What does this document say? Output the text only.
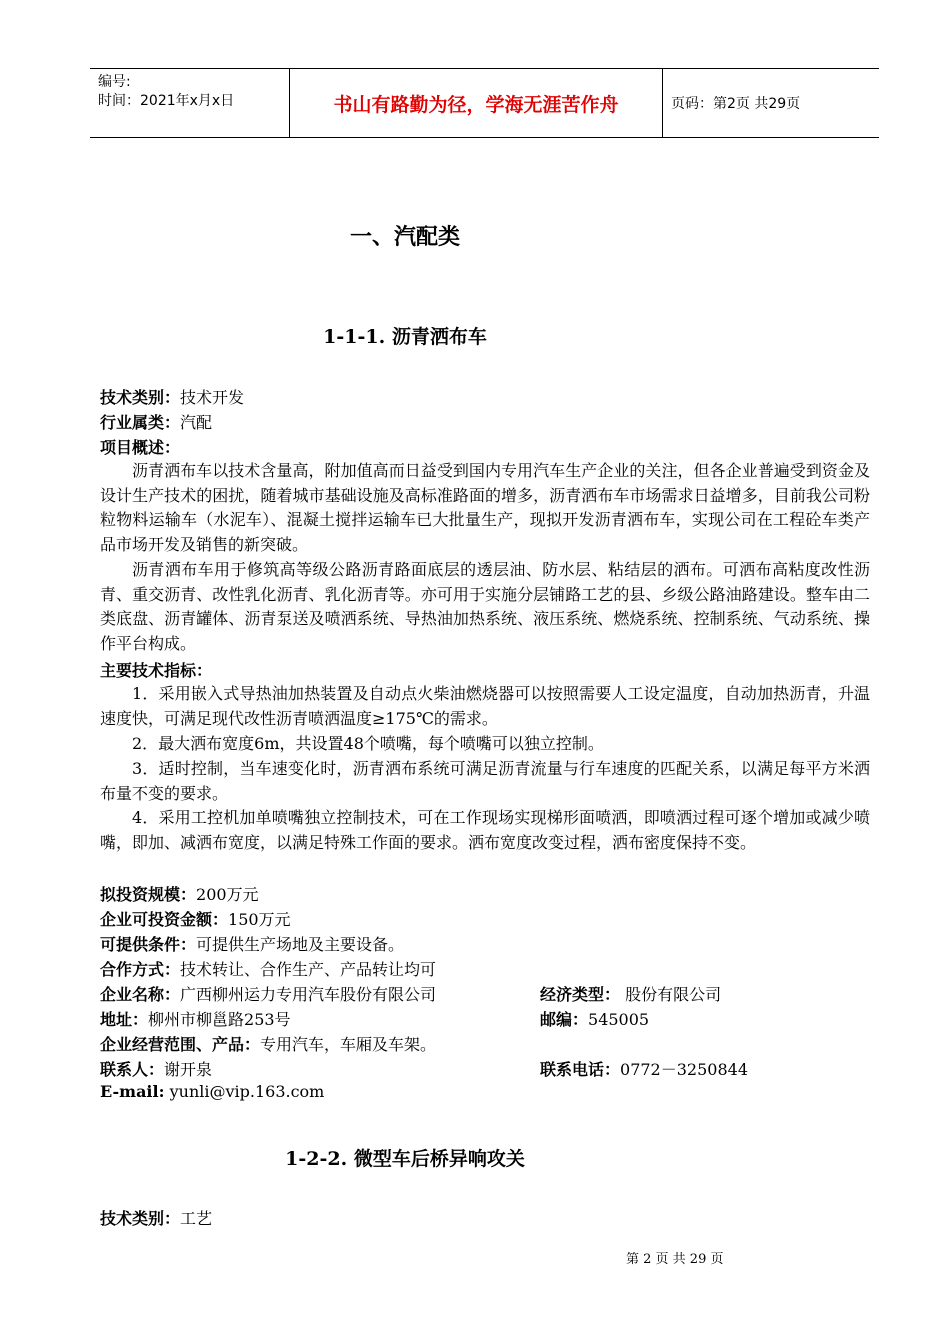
编号:
时间：2021年x月x日	书山有路勤为径，学海无涯苦作舟	页码：第2页 共29页
一、汽配类
1-1-1. 沥青洒布车
技术类别：技术开发
行业属类：汽配
项目概述：
沥青洒布车以技术含量高，附加值高而日益受到国内专用汽车生产企业的关注，但各企业普遍受到资金及设计生产技术的困扰，随着城市基础设施及高标准路面的增多，沥青洒布车市场需求日益增多，目前我公司粉粒物料运输车（水泥车）、混凝土搅拌运输车已大批量生产，现拟开发沥青洒布车，实现公司在工程砼车类产品市场开发及销售的新突破。
沥青洒布车用于修筑高等级公路沥青路面底层的透层油、防水层、粘结层的洒布。可洒布高粘度改性沥青、重交沥青、改性乳化沥青、乳化沥青等。亦可用于实施分层铺路工艺的县、乡级公路油路建设。整车由二类底盘、沥青罐体、沥青泵送及喷洒系统、导热油加热系统、液压系统、燃烧系统、控制系统、气动系统、操作平台构成。
主要技术指标：
1．采用嵌入式导热油加热装置及自动点火柴油燃烧器可以按照需要人工设定温度，自动加热沥青，升温速度快，可满足现代改性沥青喷洒温度≥175℃的需求。
2．最大洒布宽度6m，共设置48个喷嘴，每个喷嘴可以独立控制。
3．适时控制，当车速变化时，沥青洒布系统可满足沥青流量与行车速度的匹配关系，以满足每平方米洒布量不变的要求。
4．采用工控机加单喷嘴独立控制技术，可在工作现场实现梯形面喷洒，即喷洒过程可逐个增加或减少喷嘴，即加、减洒布宽度，以满足特殊工作面的要求。洒布宽度改变过程，洒布密度保持不变。
拟投资规模：200万元
企业可投资金额：150万元
可提供条件：可提供生产场地及主要设备。
合作方式：技术转让、合作生产、产品转让均可
企业名称：广西柳州运力专用汽车股份有限公司	经济类型： 股份有限公司
地址：柳州市柳邕路253号	邮编：545005
企业经营范围、产品：专用汽车，车厢及车架。
联系人：谢开泉	联系电话：0772－3250844
E-mail: yunli@vip.163.com
1-2-2. 微型车后桥异响攻关
技术类别：工艺
第 2 页 共 29 页
